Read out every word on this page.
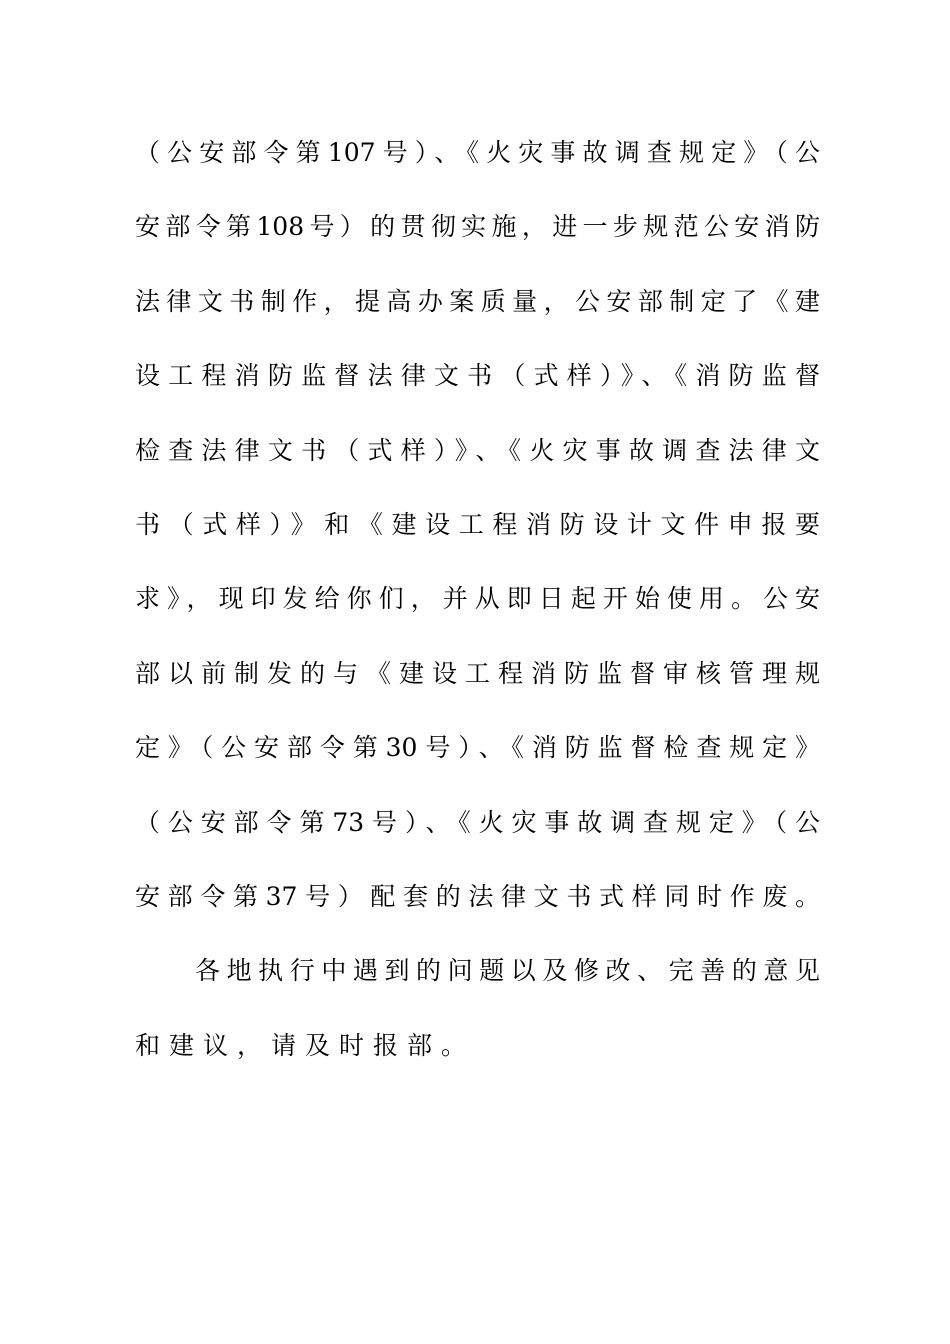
（公安部令第107号）、《火灾事故调查规定》（公
安部令第108号）的贯彻实施，进一步规范公安消防
法律文书制作，提高办案质量，公安部制定了《建
设工程消防监督法律文书（式样）》、《消防监督
检查法律文书（式样）》、《火灾事故调查法律文
书（式样）》和《建设工程消防设计文件申报要
求》，现印发给你们，并从即日起开始使用。公安
部以前制发的与《建设工程消防监督审核管理规
定》（公安部令第30号）、《消防监督检查规定》
（公安部令第73号）、《火灾事故调查规定》（公
安部令第37号）配套的法律文书式样同时作废。
各地执行中遇到的问题以及修改、完善的意见
和建议，请及时报部。
